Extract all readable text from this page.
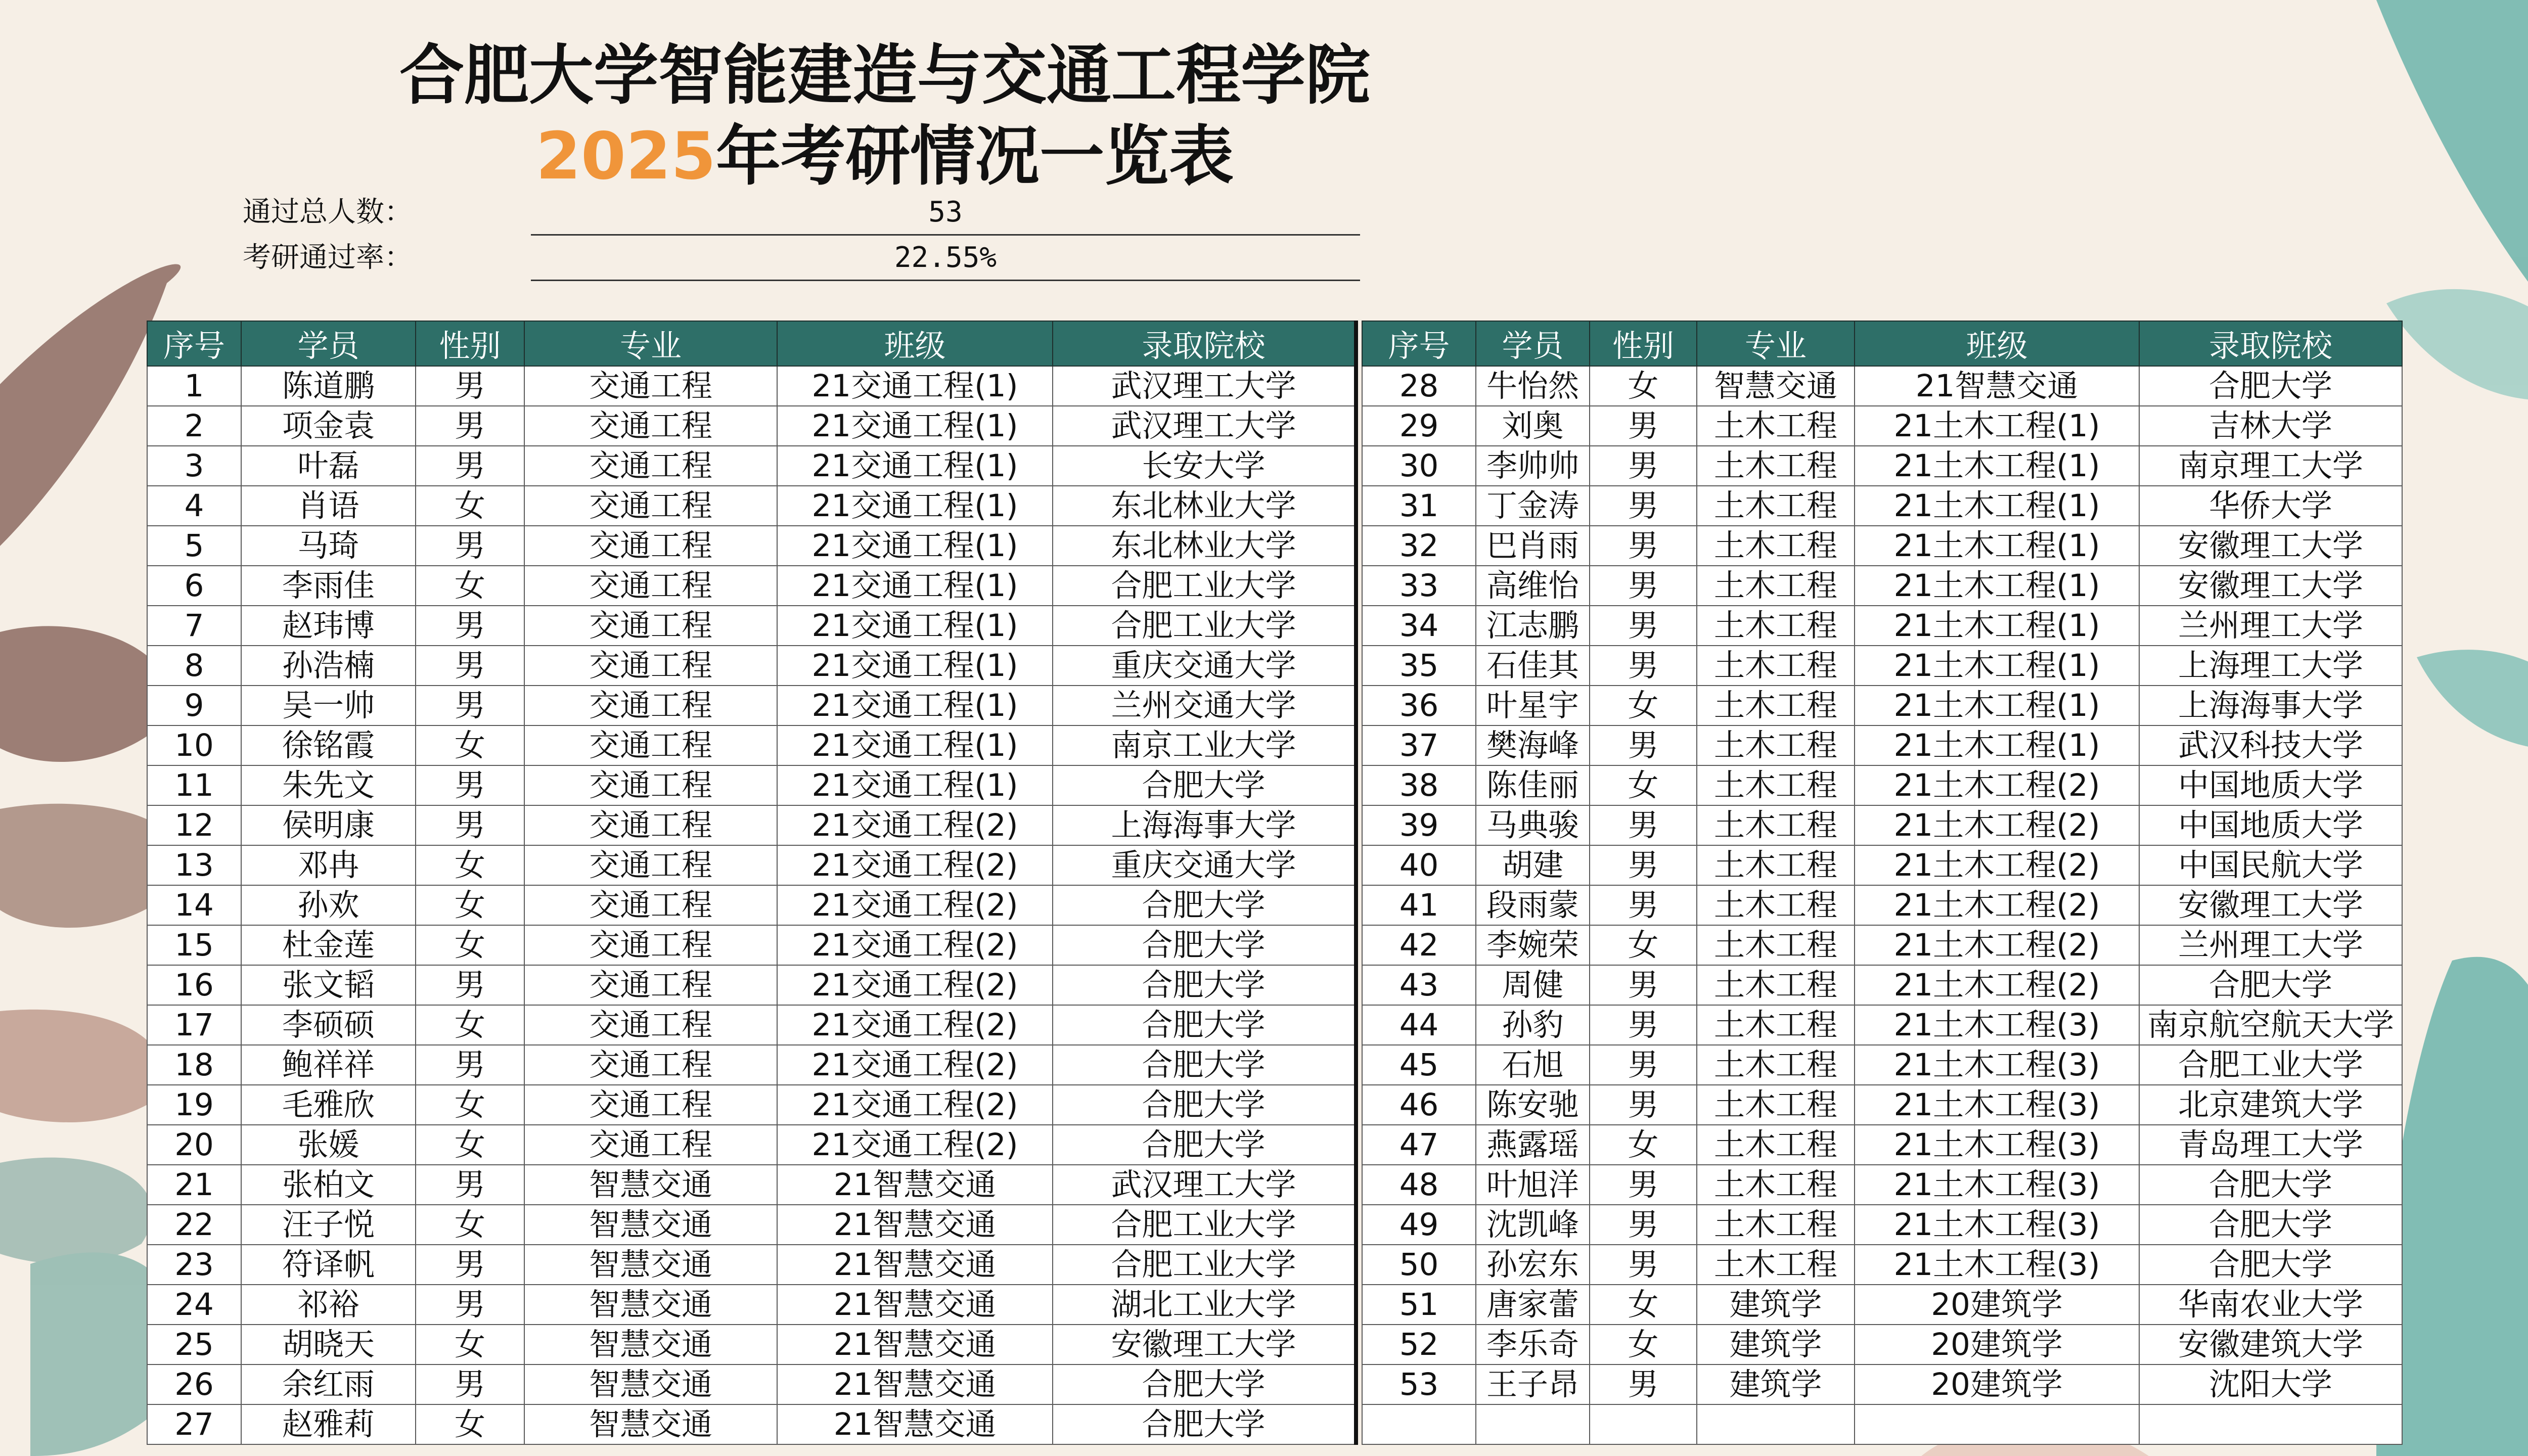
合肥大学智能建造与交通工程学院
2025年考研情况一览表
通过总人数：	53
考研通过率：	22.55%
序号	学员	性别	专业	班级	录取院校
1	陈道鹏	男	交通工程	21交通工程(1)	武汉理工大学
2	项金袁	男	交通工程	21交通工程(1)	武汉理工大学
3	叶磊	男	交通工程	21交通工程(1)	长安大学
4	肖语	女	交通工程	21交通工程(1)	东北林业大学
5	马琦	男	交通工程	21交通工程(1)	东北林业大学
6	李雨佳	女	交通工程	21交通工程(1)	合肥工业大学
7	赵玮博	男	交通工程	21交通工程(1)	合肥工业大学
8	孙浩楠	男	交通工程	21交通工程(1)	重庆交通大学
9	吴一帅	男	交通工程	21交通工程(1)	兰州交通大学
10	徐铭霞	女	交通工程	21交通工程(1)	南京工业大学
11	朱先文	男	交通工程	21交通工程(1)	合肥大学
12	侯明康	男	交通工程	21交通工程(2)	上海海事大学
13	邓冉	女	交通工程	21交通工程(2)	重庆交通大学
14	孙欢	女	交通工程	21交通工程(2)	合肥大学
15	杜金莲	女	交通工程	21交通工程(2)	合肥大学
16	张文韬	男	交通工程	21交通工程(2)	合肥大学
17	李硕硕	女	交通工程	21交通工程(2)	合肥大学
18	鲍祥祥	男	交通工程	21交通工程(2)	合肥大学
19	毛雅欣	女	交通工程	21交通工程(2)	合肥大学
20	张媛	女	交通工程	21交通工程(2)	合肥大学
21	张柏文	男	智慧交通	21智慧交通	武汉理工大学
22	汪子悦	女	智慧交通	21智慧交通	合肥工业大学
23	符译帆	男	智慧交通	21智慧交通	合肥工业大学
24	祁裕	男	智慧交通	21智慧交通	湖北工业大学
25	胡晓天	女	智慧交通	21智慧交通	安徽理工大学
26	余红雨	男	智慧交通	21智慧交通	合肥大学
27	赵雅莉	女	智慧交通	21智慧交通	合肥大学
序号	学员	性别	专业	班级	录取院校
28	牛怡然	女	智慧交通	21智慧交通	合肥大学
29	刘奥	男	土木工程	21土木工程(1)	吉林大学
30	李帅帅	男	土木工程	21土木工程(1)	南京理工大学
31	丁金涛	男	土木工程	21土木工程(1)	华侨大学
32	巴肖雨	男	土木工程	21土木工程(1)	安徽理工大学
33	高维怡	男	土木工程	21土木工程(1)	安徽理工大学
34	江志鹏	男	土木工程	21土木工程(1)	兰州理工大学
35	石佳其	男	土木工程	21土木工程(1)	上海理工大学
36	叶星宇	女	土木工程	21土木工程(1)	上海海事大学
37	樊海峰	男	土木工程	21土木工程(1)	武汉科技大学
38	陈佳丽	女	土木工程	21土木工程(2)	中国地质大学
39	马典骏	男	土木工程	21土木工程(2)	中国地质大学
40	胡建	男	土木工程	21土木工程(2)	中国民航大学
41	段雨蒙	男	土木工程	21土木工程(2)	安徽理工大学
42	李婉荣	女	土木工程	21土木工程(2)	兰州理工大学
43	周健	男	土木工程	21土木工程(2)	合肥大学
44	孙豹	男	土木工程	21土木工程(3)	南京航空航天大学
45	石旭	男	土木工程	21土木工程(3)	合肥工业大学
46	陈安驰	男	土木工程	21土木工程(3)	北京建筑大学
47	燕露瑶	女	土木工程	21土木工程(3)	青岛理工大学
48	叶旭洋	男	土木工程	21土木工程(3)	合肥大学
49	沈凯峰	男	土木工程	21土木工程(3)	合肥大学
50	孙宏东	男	土木工程	21土木工程(3)	合肥大学
51	唐家蕾	女	建筑学	20建筑学	华南农业大学
52	李乐奇	女	建筑学	20建筑学	安徽建筑大学
53	王子昂	男	建筑学	20建筑学	沈阳大学
